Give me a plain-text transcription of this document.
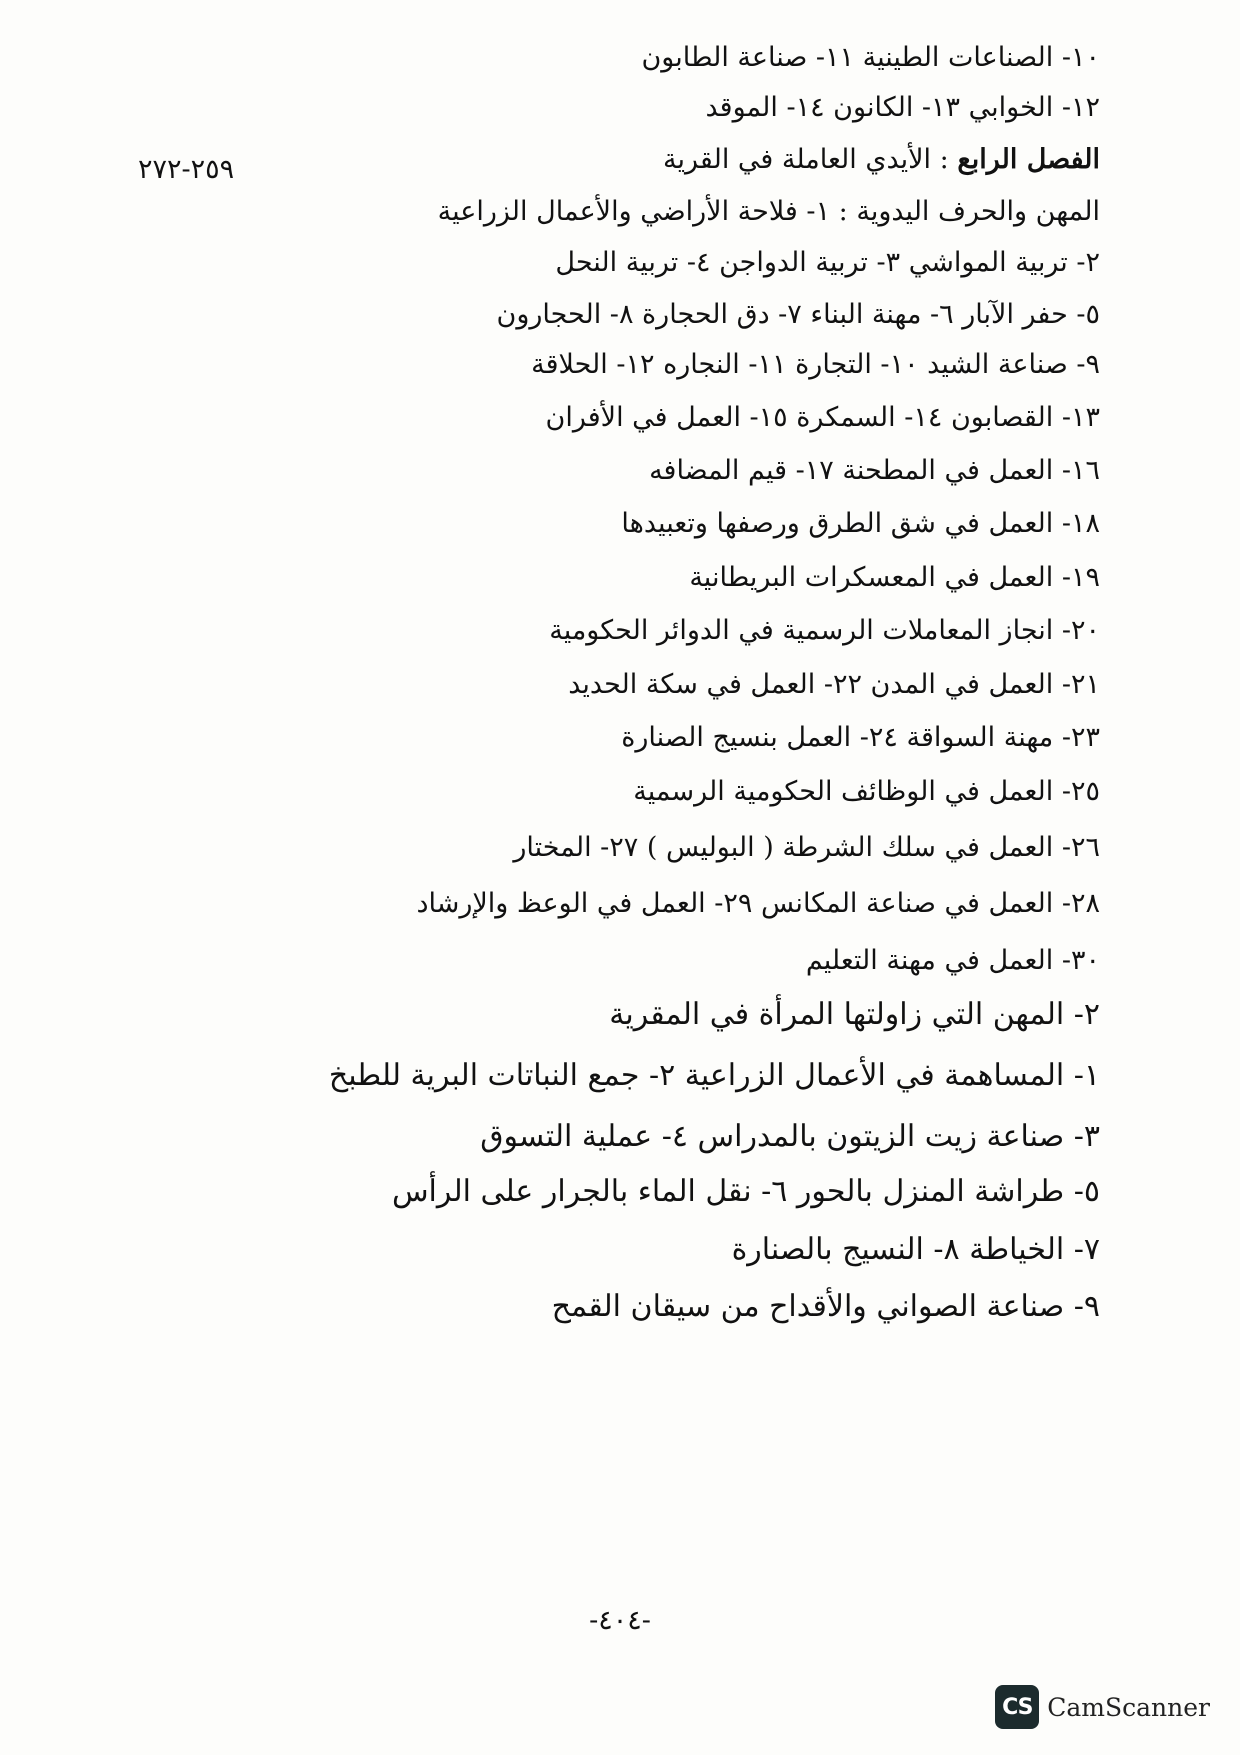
١٠- الصناعات الطينية ١١- صناعة الطابون
١٢- الخوابي ١٣- الكانون ١٤- الموقد
الفصل الرابع : الأيدي العاملة في القرية
٢٥٩-٢٧٢
المهن والحرف اليدوية : ١- فلاحة الأراضي والأعمال الزراعية
٢- تربية المواشي ٣- تربية الدواجن ٤- تربية النحل
٥- حفر الآبار ٦- مهنة البناء ٧- دق الحجارة ٨- الحجارون
٩- صناعة الشيد ١٠- التجارة ١١- النجاره ١٢- الحلاقة
١٣- القصابون ١٤- السمكرة ١٥- العمل في الأفران
١٦- العمل في المطحنة ١٧- قيم المضافه
١٨- العمل في شق الطرق ورصفها وتعبيدها
١٩- العمل في المعسكرات البريطانية
٢٠- انجاز المعاملات الرسمية في الدوائر الحكومية
٢١- العمل في المدن ٢٢- العمل في سكة الحديد
٢٣- مهنة السواقة ٢٤- العمل بنسيج الصنارة
٢٥- العمل في الوظائف الحكومية الرسمية
٢٦- العمل في سلك الشرطة ( البوليس ) ٢٧- المختار
٢٨- العمل في صناعة المكانس ٢٩- العمل في الوعظ والإرشاد
٣٠- العمل في مهنة التعليم
٢- المهن التي زاولتها المرأة في المقرية
١- المساهمة في الأعمال الزراعية ٢- جمع النباتات البرية للطبخ
٣- صناعة زيت الزيتون بالمدراس ٤- عملية التسوق
٥- طراشة المنزل بالحور ٦- نقل الماء بالجرار على الرأس
٧- الخياطة ٨- النسيج بالصنارة
٩- صناعة الصواني والأقداح من سيقان القمح
-٤٠٤-
CS CamScanner
